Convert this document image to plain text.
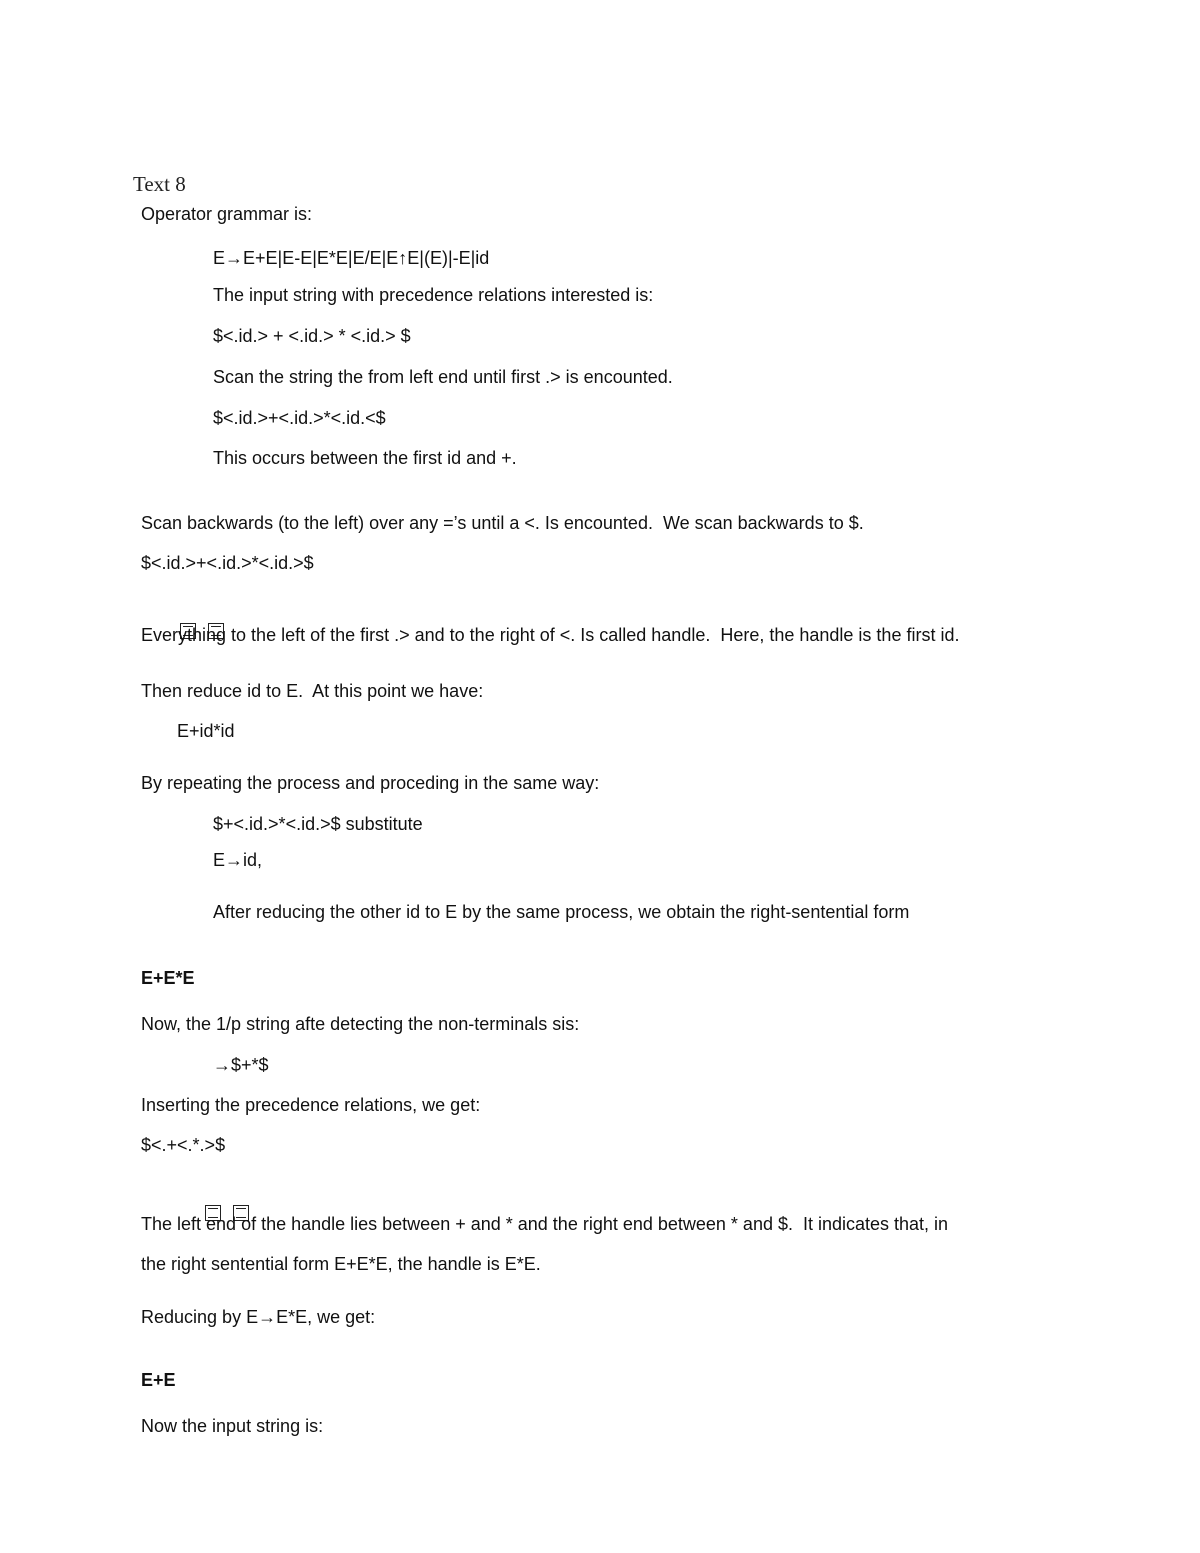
Text 8
Operator grammar is:
E→E+E|E-E|E*E|E/E|E↑E|(E)|-E|id
The input string with precedence relations interested is:
$<.id.> + <.id.> * <.id.> $
Scan the string the from left end until first .> is encounted.
$<.id.>+<.id.>*<.id.<$
This occurs between the first id and +.
Scan backwards (to the left) over any =’s until a <. Is encounted.  We scan backwards to $.
$<.id.>+<.id.>*<.id.>$

Everything to the left of the first .> and to the right of <. Is called handle.  Here, the handle is the first id.
Then reduce id to E.  At this point we have:
E+id*id
By repeating the process and proceding in the same way:
$+<.id.>*<.id.>$ substitute
E→id,
After reducing the other id to E by the same process, we obtain the right-sentential form
E+E*E
Now, the 1/p string afte detecting the non-terminals sis:
→$+*$
Inserting the precedence relations, we get:
$<.+<.*.>$

The left end of the handle lies between + and * and the right end between * and $.  It indicates that, in
the right sentential form E+E*E, the handle is E*E.
Reducing by E→E*E, we get:
E+E
Now the input string is:
